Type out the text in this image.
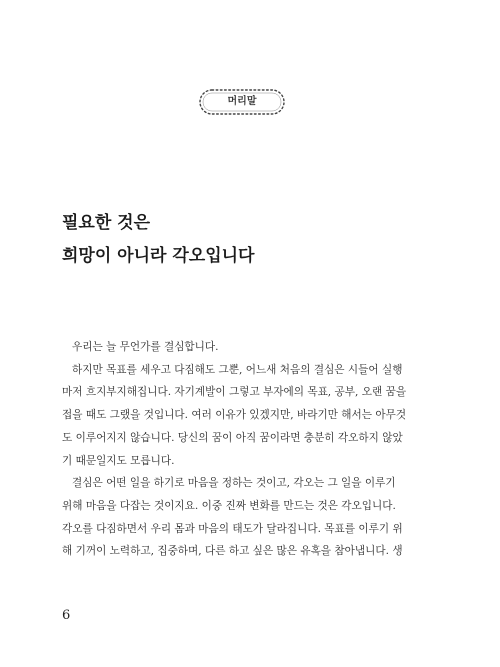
머리말
필요한 것은
희망이 아니라 각오입니다

우리는 늘 무언가를 결심합니다.

하지만 목표를 세우고 다짐해도 그뿐, 어느새 처음의 결심은 시들어 실행

마저 흐지부지해집니다. 자기계발이 그렇고 부자에의 목표, 공부, 오랜 꿈을

접을 때도 그랬을 것입니다. 여러 이유가 있겠지만, 바라기만 해서는 아무것

도 이루어지지 않습니다. 당신의 꿈이 아직 꿈이라면 충분히 각오하지 않았

기 때문일지도 모릅니다.

결심은 어떤 일을 하기로 마음을 정하는 것이고, 각오는 그 일을 이루기

위해 마음을 다잡는 것이지요. 이중 진짜 변화를 만드는 것은 각오입니다.

각오를 다짐하면서 우리 몸과 마음의 태도가 달라집니다. 목표를 이루기 위

해 기꺼이 노력하고, 집중하며, 다른 하고 싶은 많은 유혹을 참아냅니다. 생

6
